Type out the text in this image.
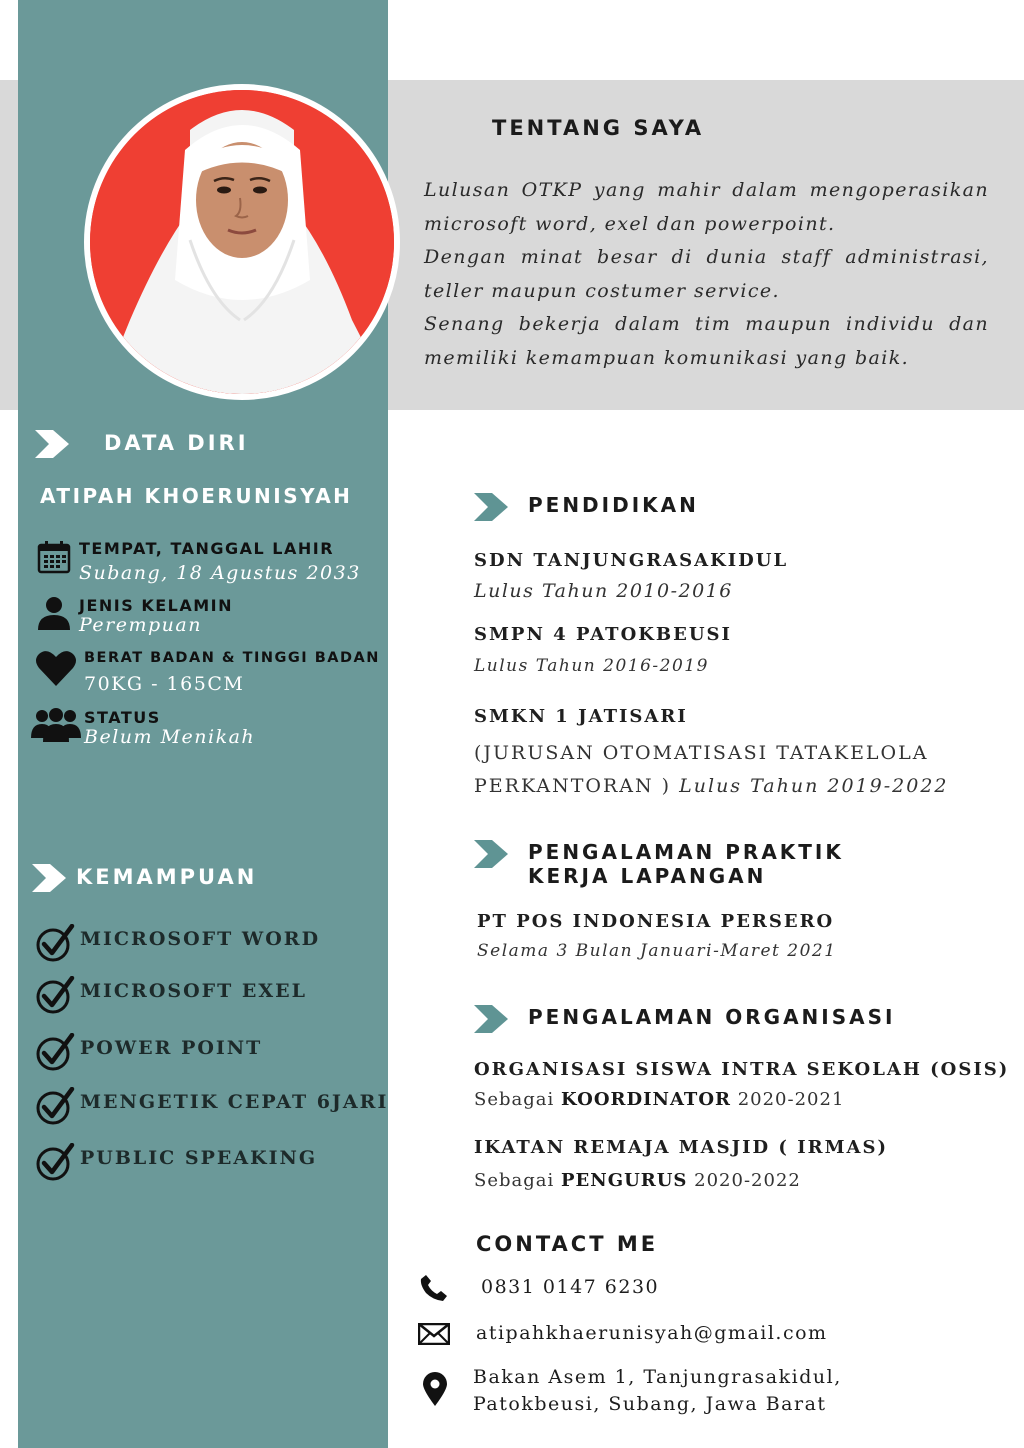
TENTANG SAYA

Lulusan OTKP yang mahir dalam mengoperasikan microsoft word, exel dan powerpoint.

Dengan minat besar di dunia staff administrasi, teller maupun costumer service.

Senang bekerja dalam tim maupun individu dan memiliki kemampuan komunikasi yang baik.

DATA DIRI
ATIPAH KHOERUNISYAH
TEMPAT, TANGGAL LAHIR
Subang, 18 Agustus 2033
JENIS KELAMIN
Perempuan
BERAT BADAN & TINGGI BADAN
70KG - 165CM
STATUS
Belum Menikah
KEMAMPUAN
MICROSOFT WORD
MICROSOFT EXEL
POWER POINT
MENGETIK CEPAT 6JARI
PUBLIC SPEAKING
PENDIDIKAN
SDN TANJUNGRASAKIDUL
Lulus Tahun 2010-2016
SMPN 4 PATOKBEUSI
Lulus Tahun 2016-2019
SMKN 1 JATISARI
(JURUSAN OTOMATISASI TATAKELOLA
PERKANTORAN ) Lulus Tahun 2019-2022
PENGALAMAN PRAKTIK
KERJA LAPANGAN
PT POS INDONESIA PERSERO
Selama 3 Bulan Januari-Maret 2021
PENGALAMAN ORGANISASI
ORGANISASI SISWA INTRA SEKOLAH (OSIS)
Sebagai KOORDINATOR 2020-2021
IKATAN REMAJA MASJID ( IRMAS)
Sebagai PENGURUS 2020-2022
CONTACT ME
0831 0147 6230
atipahkhaerunisyah@gmail.com
Bakan Asem 1, Tanjungrasakidul,
Patokbeusi, Subang, Jawa Barat
